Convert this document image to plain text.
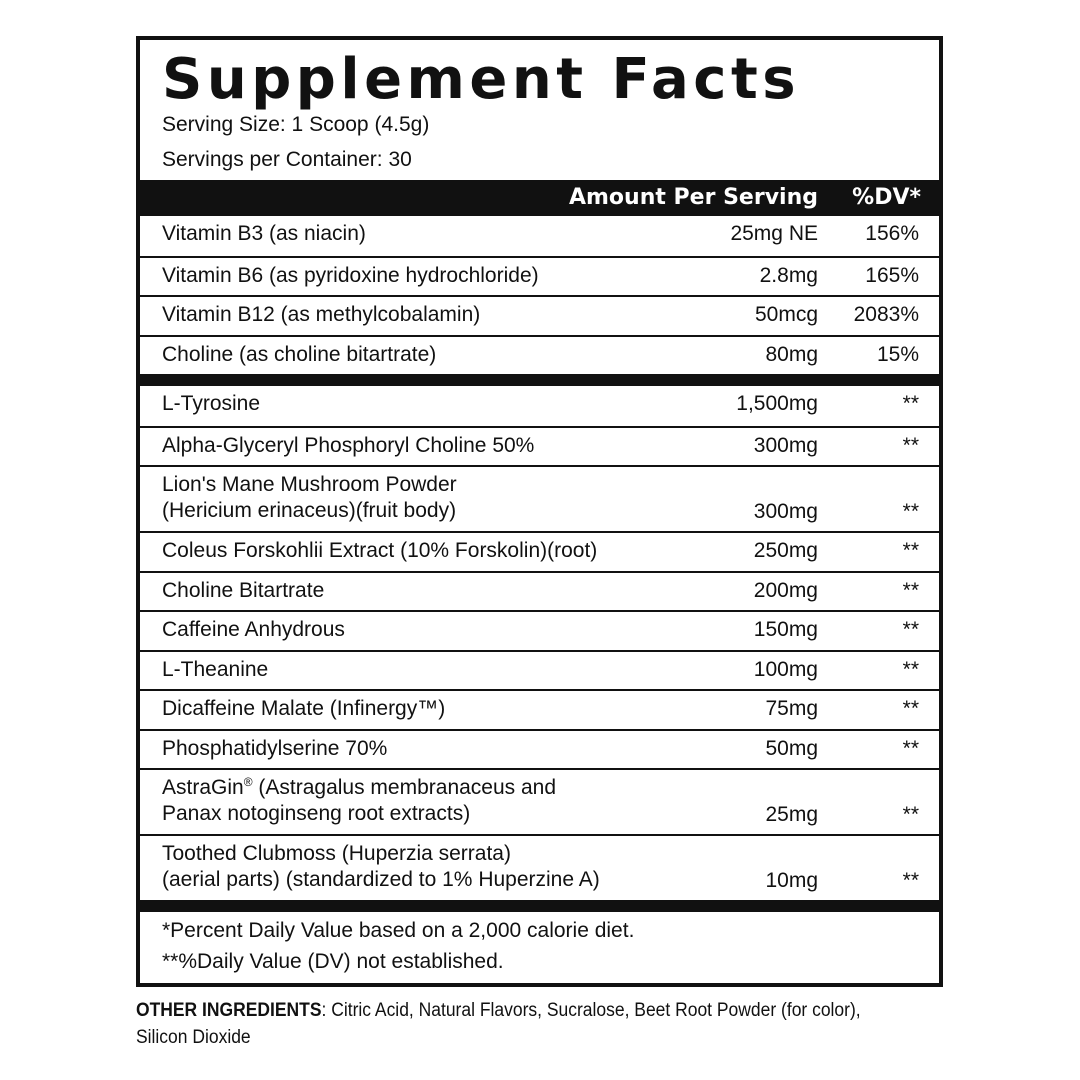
Supplement Facts
Serving Size: 1 Scoop (4.5g)
Servings per Container: 30
Amount Per Serving %DV*
Vitamin B3 (as niacin)	25mg NE 156%
Vitamin B6 (as pyridoxine hydrochloride)	2.8mg 165%
Vitamin B12 (as methylcobalamin)	50mcg 2083%
Choline (as choline bitartrate)	80mg	15%
L-Tyrosine	1,500mg	**
Alpha-Glyceryl Phosphoryl Choline 50%	300mg	**
Lion's Mane Mushroom Powder
(Hericium erinaceus)(fruit body)	300mg	**
Coleus Forskohlii Extract (10% Forskolin)(root)	250mg	**
Choline Bitartrate	200mg	**
Caffeine Anhydrous	150mg	**
L-Theanine	100mg	**
Dicaffeine Malate (Infinergy™)	75mg	**
Phosphatidylserine 70%	50mg	**
AstraGin® (Astragalus membranaceus and
Panax notoginseng root extracts)	25mg	**
Toothed Clubmoss (Huperzia serrata)
(aerial parts) (standardized to 1% Huperzine A)	10mg	**
*Percent Daily Value based on a 2,000 calorie diet.
**%Daily Value (DV) not established.
OTHER INGREDIENTS: Citric Acid, Natural Flavors, Sucralose, Beet Root Powder (for color), Silicon Dioxide
